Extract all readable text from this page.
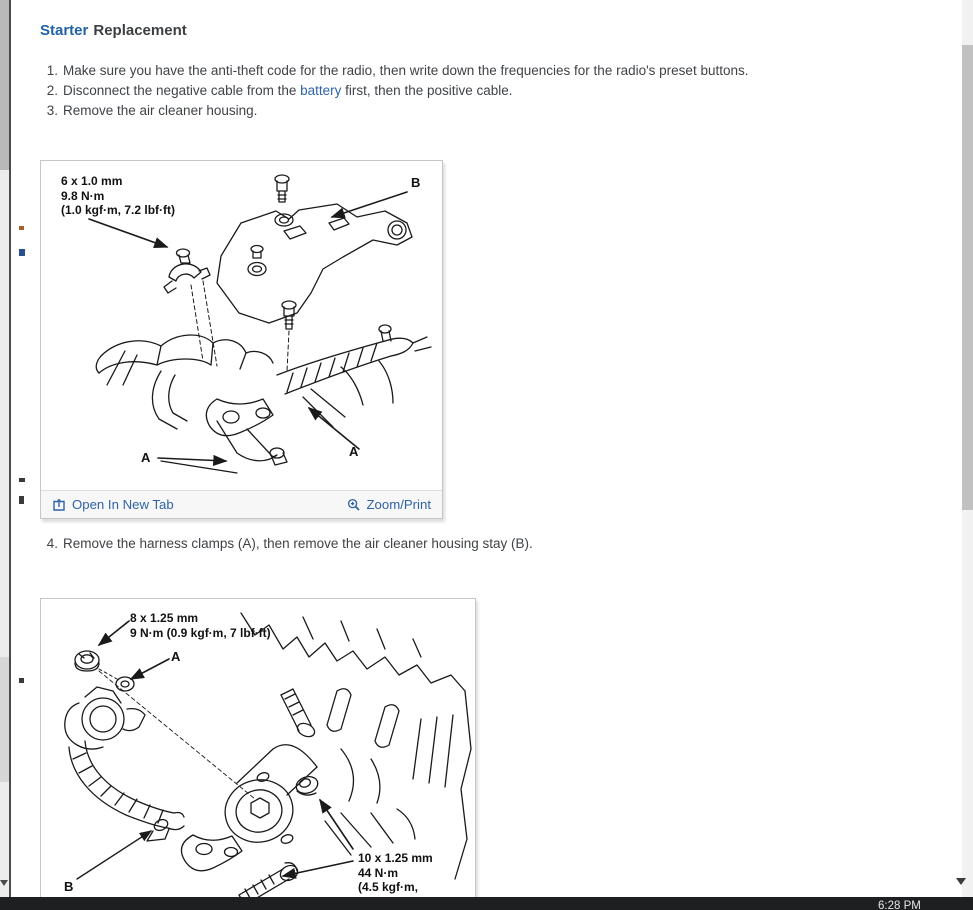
Starter Replacement
1. Make sure you have the anti-theft code for the radio, then write down the frequencies for the radio's preset buttons.
2. Disconnect the negative cable from the battery first, then the positive cable.
3. Remove the air cleaner housing.
6 x 1.0 mm
9.8 N·m
(1.0 kgf·m, 7.2 lbf·ft)
B
A	A
Open In New Tab	Zoom/Print
4. Remove the harness clamps (A), then remove the air cleaner housing stay (B).
8 x 1.25 mm
9 N·m (0.9 kgf·m, 7 lbf·ft)
A
B
10 x 1.25 mm
44 N·m
(4.5 kgf·m,
6:28 PM
